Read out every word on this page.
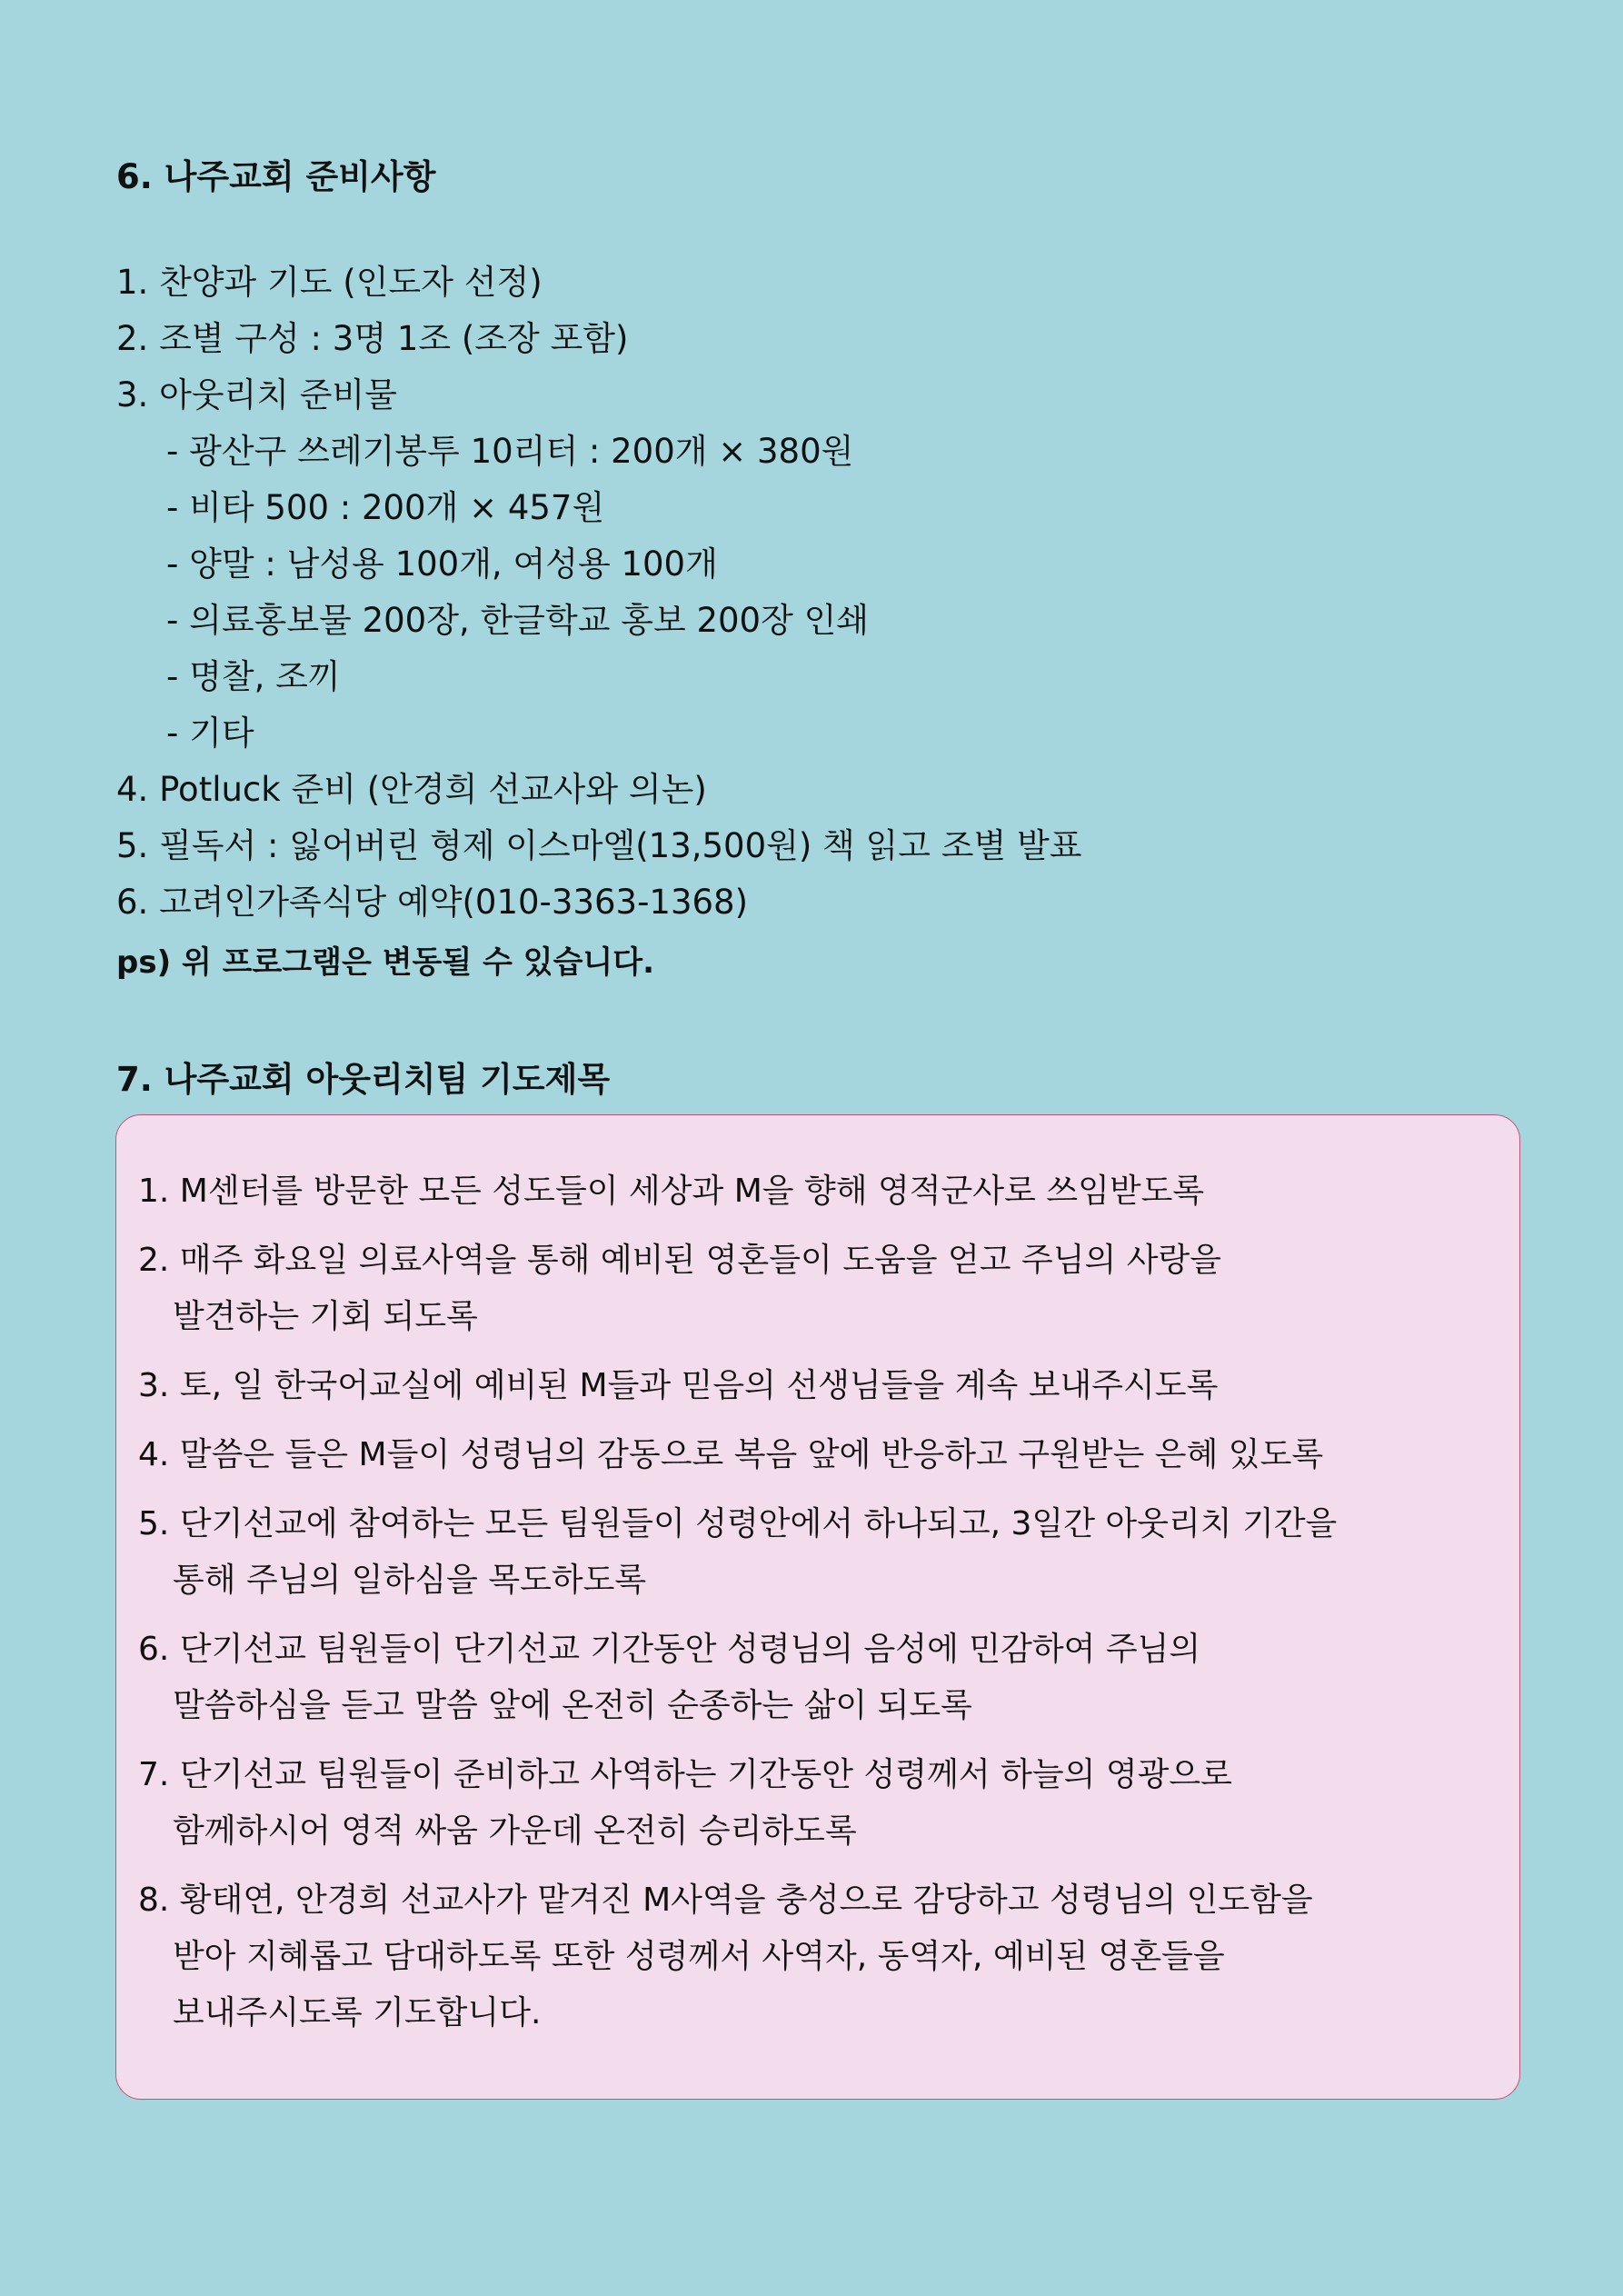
6. 나주교회 준비사항
1. 찬양과 기도 (인도자 선정)
2. 조별 구성 : 3명 1조 (조장 포함)
3. 아웃리치 준비물
- 광산구 쓰레기봉투 10리터 : 200개 × 380원
- 비타 500 : 200개 × 457원
- 양말 : 남성용 100개, 여성용 100개
- 의료홍보물 200장, 한글학교 홍보 200장 인쇄
- 명찰, 조끼
- 기타
4. Potluck 준비 (안경희 선교사와 의논)
5. 필독서 : 잃어버린 형제 이스마엘(13,500원) 책 읽고 조별 발표
6. 고려인가족식당 예약(010-3363-1368)
ps) 위 프로그램은 변동될 수 있습니다.
7. 나주교회 아웃리치팀 기도제목
1. M센터를 방문한 모든 성도들이 세상과 M을 향해 영적군사로 쓰임받도록
2. 매주 화요일 의료사역을 통해 예비된 영혼들이 도움을 얻고 주님의 사랑을
발견하는 기회 되도록
3. 토, 일 한국어교실에 예비된 M들과 믿음의 선생님들을 계속 보내주시도록
4. 말씀은 들은 M들이 성령님의 감동으로 복음 앞에 반응하고 구원받는 은혜 있도록
5. 단기선교에 참여하는 모든 팀원들이 성령안에서 하나되고, 3일간 아웃리치 기간을
통해 주님의 일하심을 목도하도록
6. 단기선교 팀원들이 단기선교 기간동안 성령님의 음성에 민감하여 주님의
말씀하심을 듣고 말씀 앞에 온전히 순종하는 삶이 되도록
7. 단기선교 팀원들이 준비하고 사역하는 기간동안 성령께서 하늘의 영광으로
함께하시어 영적 싸움 가운데 온전히 승리하도록
8. 황태연, 안경희 선교사가 맡겨진 M사역을 충성으로 감당하고 성령님의 인도함을
받아 지혜롭고 담대하도록 또한 성령께서 사역자, 동역자, 예비된 영혼들을
보내주시도록 기도합니다.
